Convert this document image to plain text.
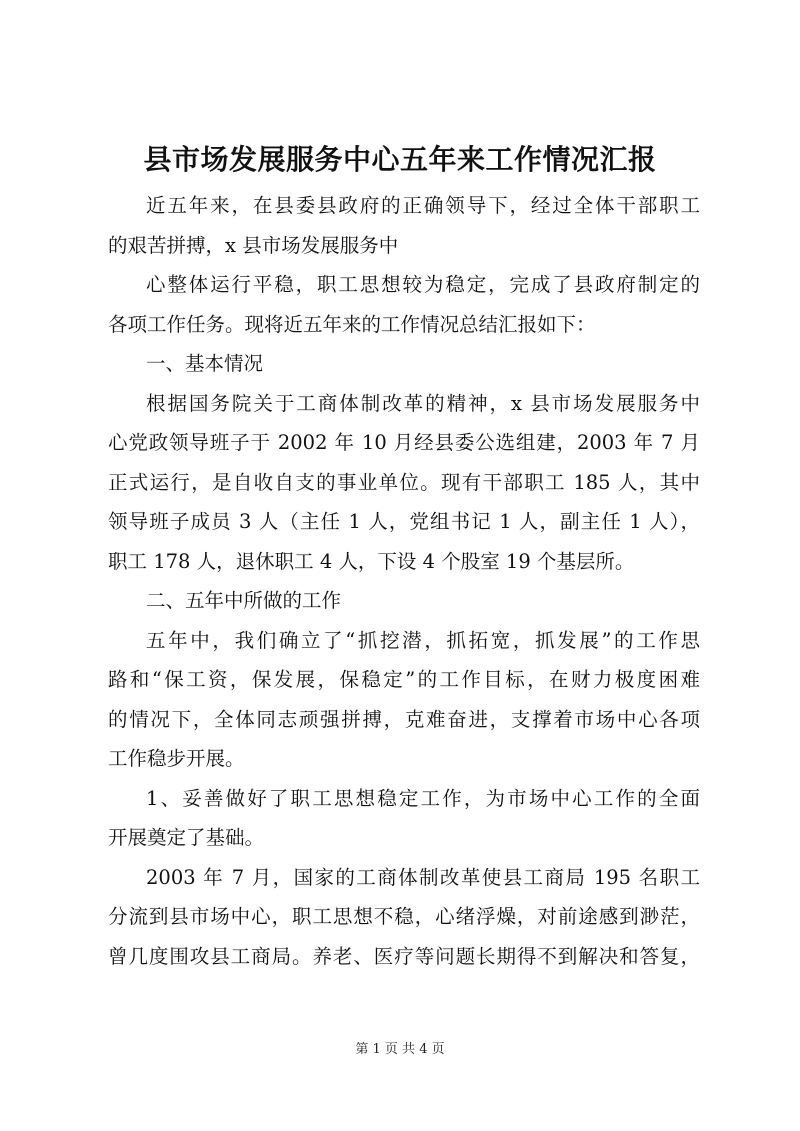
县市场发展服务中心五年来工作情况汇报
近五年来，在县委县政府的正确领导下，经过全体干部职工
的艰苦拼搏，x 县市场发展服务中
心整体运行平稳，职工思想较为稳定，完成了县政府制定的
各项工作任务。现将近五年来的工作情况总结汇报如下：
一、基本情况
根据国务院关于工商体制改革的精神，x 县市场发展服务中
心党政领导班子于 2002 年 10 月经县委公选组建，2003 年 7 月
正式运行，是自收自支的事业单位。现有干部职工 185 人，其中
领导班子成员 3 人（主任 1 人，党组书记 1 人，副主任 1 人），
职工 178 人，退休职工 4 人，下设 4 个股室 19 个基层所。
二、五年中所做的工作
五年中，我们确立了“抓挖潜，抓拓宽，抓发展”的工作思
路和“保工资，保发展，保稳定”的工作目标，在财力极度困难
的情况下，全体同志顽强拼搏，克难奋进，支撑着市场中心各项
工作稳步开展。
1、妥善做好了职工思想稳定工作，为市场中心工作的全面
开展奠定了基础。
2003 年 7 月，国家的工商体制改革使县工商局 195 名职工
分流到县市场中心，职工思想不稳，心绪浮燥，对前途感到渺茫，
曾几度围攻县工商局。养老、医疗等问题长期得不到解决和答复，
第 1 页 共 4 页
